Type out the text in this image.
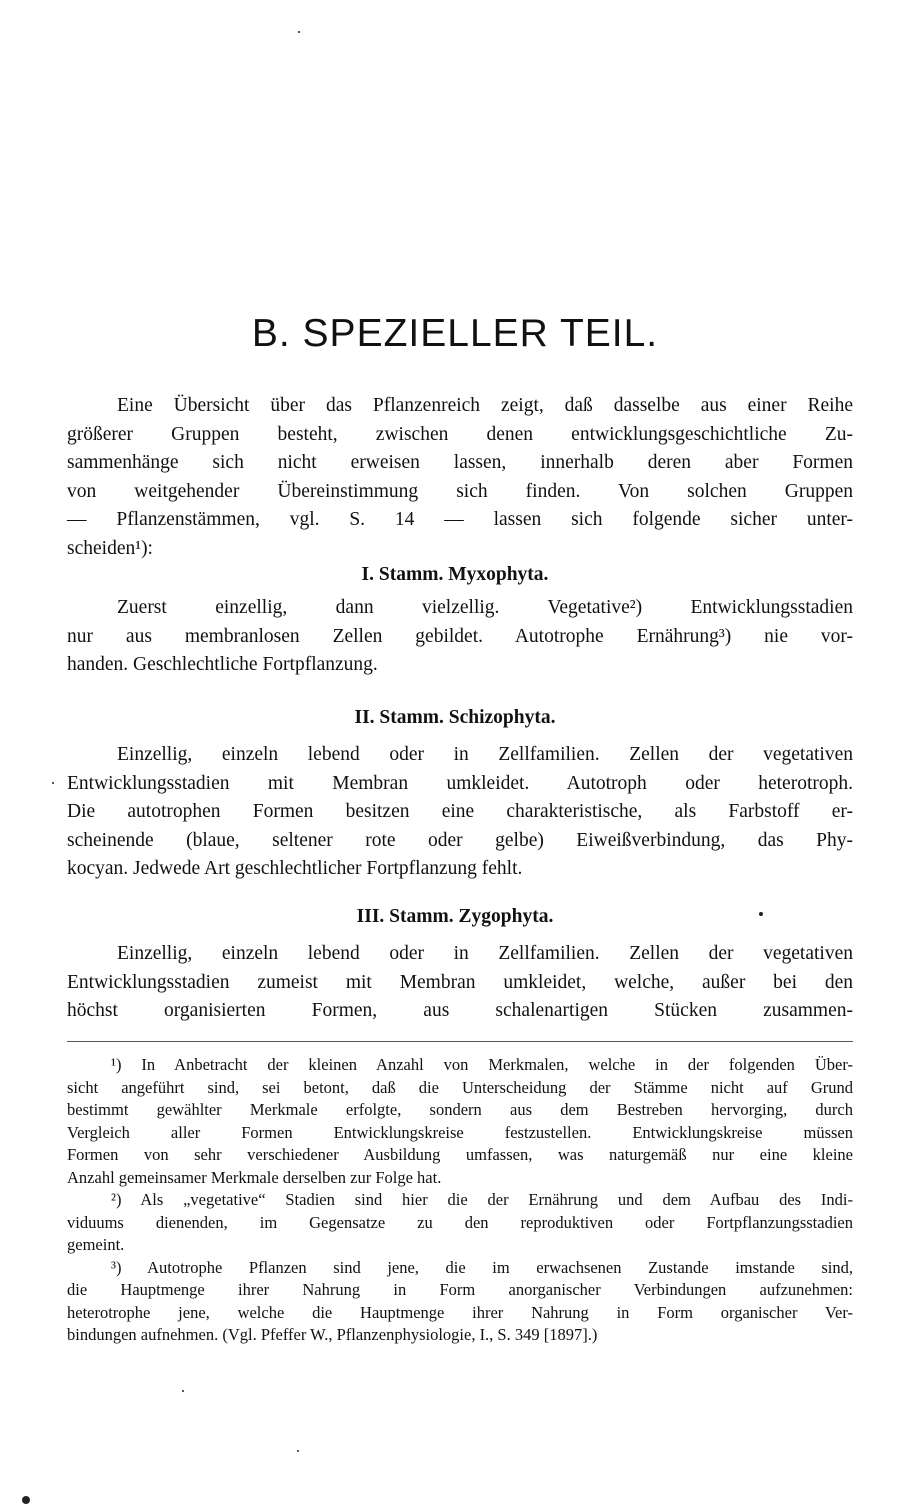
B. SPEZIELLER TEIL.
Eine Übersicht über das Pflanzenreich zeigt, daß dasselbe aus einer Reihe
größerer Gruppen besteht, zwischen denen entwicklungsgeschichtliche Zu-
sammenhänge sich nicht erweisen lassen, innerhalb deren aber Formen
von weitgehender Übereinstimmung sich finden. Von solchen Gruppen
— Pflanzenstämmen, vgl. S. 14 — lassen sich folgende sicher unter-
scheiden¹):
I. Stamm. Myxophyta.
Zuerst einzellig, dann vielzellig. Vegetative²) Entwicklungsstadien
nur aus membranlosen Zellen gebildet. Autotrophe Ernährung³) nie vor-
handen. Geschlechtliche Fortpflanzung.
II. Stamm. Schizophyta.
Einzellig, einzeln lebend oder in Zellfamilien. Zellen der vegetativen
Entwicklungsstadien mit Membran umkleidet. Autotroph oder heterotroph.
Die autotrophen Formen besitzen eine charakteristische, als Farbstoff er-
scheinende (blaue, seltener rote oder gelbe) Eiweißverbindung, das Phy-
kocyan. Jedwede Art geschlechtlicher Fortpflanzung fehlt.
III. Stamm. Zygophyta.
Einzellig, einzeln lebend oder in Zellfamilien. Zellen der vegetativen
Entwicklungsstadien zumeist mit Membran umkleidet, welche, außer bei den
höchst organisierten Formen, aus schalenartigen Stücken zusammen-
¹) In Anbetracht der kleinen Anzahl von Merkmalen, welche in der folgenden Über-
sicht angeführt sind, sei betont, daß die Unterscheidung der Stämme nicht auf Grund
bestimmt gewählter Merkmale erfolgte, sondern aus dem Bestreben hervorging, durch
Vergleich aller Formen Entwicklungskreise festzustellen. Entwicklungskreise müssen
Formen von sehr verschiedener Ausbildung umfassen, was naturgemäß nur eine kleine
Anzahl gemeinsamer Merkmale derselben zur Folge hat.
²) Als „vegetative“ Stadien sind hier die der Ernährung und dem Aufbau des Indi-
viduums dienenden, im Gegensatze zu den reproduktiven oder Fortpflanzungsstadien
gemeint.
³) Autotrophe Pflanzen sind jene, die im erwachsenen Zustande imstande sind,
die Hauptmenge ihrer Nahrung in Form anorganischer Verbindungen aufzunehmen:
heterotrophe jene, welche die Hauptmenge ihrer Nahrung in Form organischer Ver-
bindungen aufnehmen. (Vgl. Pfeffer W., Pflanzenphysiologie, I., S. 349 [1897].)
